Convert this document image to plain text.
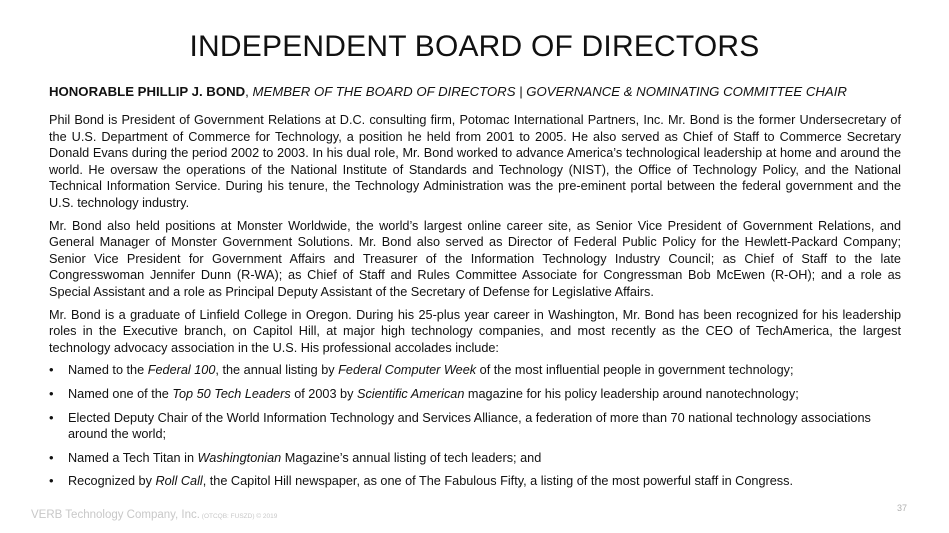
INDEPENDENT BOARD OF DIRECTORS
HONORABLE PHILLIP J. BOND, MEMBER OF THE BOARD OF DIRECTORS | GOVERNANCE & NOMINATING COMMITTEE CHAIR

Phil Bond is President of Government Relations at D.C. consulting firm, Potomac International Partners, Inc. Mr. Bond is the former Undersecretary of the U.S. Department of Commerce for Technology, a position he held from 2001 to 2005. He also served as Chief of Staff to Commerce Secretary Donald Evans during the period 2002 to 2003. In his dual role, Mr. Bond worked to advance America’s technological leadership at home and around the world. He oversaw the operations of the National Institute of Standards and Technology (NIST), the Office of Technology Policy, and the National Technical Information Service. During his tenure, the Technology Administration was the pre-eminent portal between the federal government and the U.S. technology industry.

Mr. Bond also held positions at Monster Worldwide, the world’s largest online career site, as Senior Vice President of Government Relations, and General Manager of Monster Government Solutions. Mr. Bond also served as Director of Federal Public Policy for the Hewlett-Packard Company; Senior Vice President for Government Affairs and Treasurer of the Information Technology Industry Council; as Chief of Staff to the late Congresswoman Jennifer Dunn (R-WA); as Chief of Staff and Rules Committee Associate for Congressman Bob McEwen (R-OH); and a role as Special Assistant and a role as Principal Deputy Assistant of the Secretary of Defense for Legislative Affairs.

Mr. Bond is a graduate of Linfield College in Oregon. During his 25-plus year career in Washington, Mr. Bond has been recognized for his leadership roles in the Executive branch, on Capitol Hill, at major high technology companies, and most recently as the CEO of TechAmerica, the largest technology advocacy association in the U.S. His professional accolades include:

• Named to the Federal 100, the annual listing by Federal Computer Week of the most influential people in government technology;
• Named one of the Top 50 Tech Leaders of 2003 by Scientific American magazine for his policy leadership around nanotechnology;
• Elected Deputy Chair of the World Information Technology and Services Alliance, a federation of more than 70 national technology associations around the world;
• Named a Tech Titan in Washingtonian Magazine’s annual listing of tech leaders; and
• Recognized by Roll Call, the Capitol Hill newspaper, as one of The Fabulous Fifty, a listing of the most powerful staff in Congress.
VERB Technology Company, Inc. (OTCQB: FUSZD) © 2019
37
